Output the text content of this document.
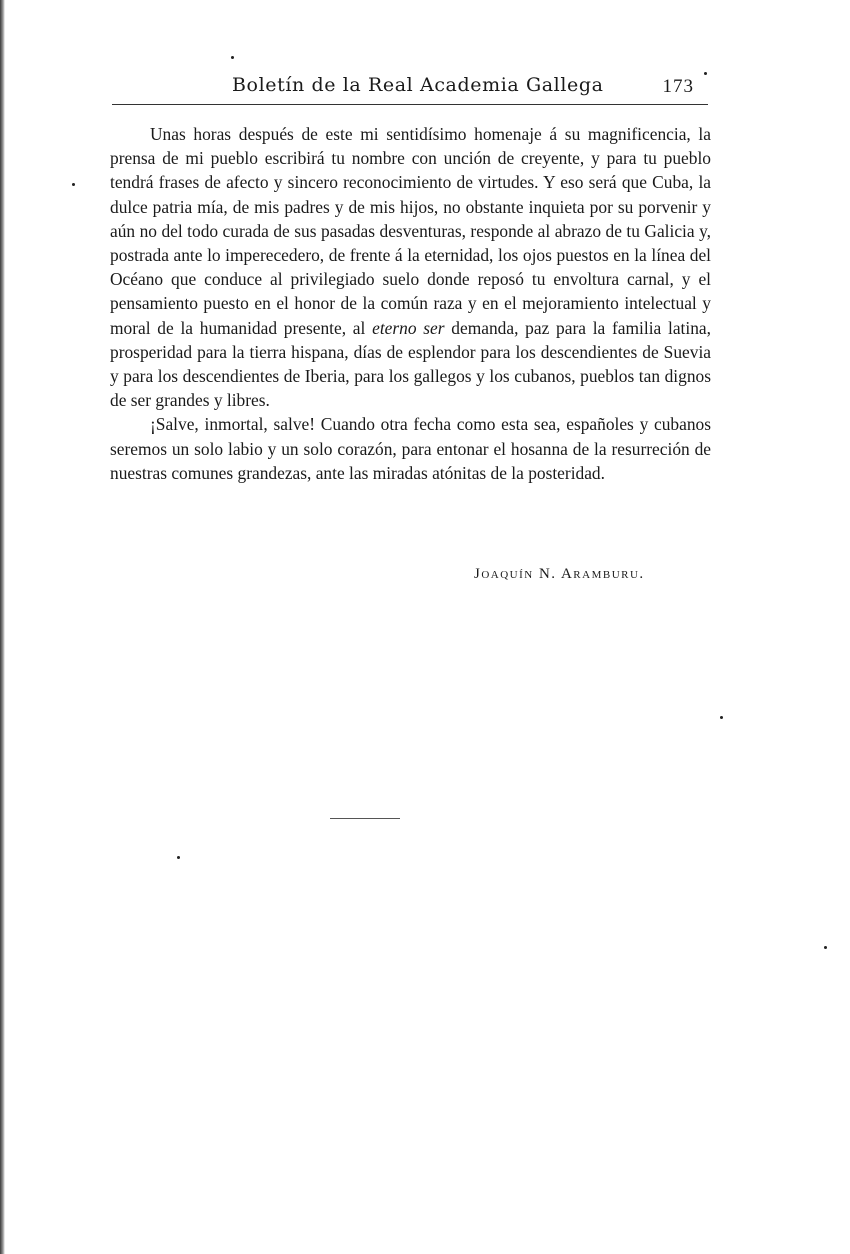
Boletín de la Real Academia Gallega	173

Unas horas después de este mi sentidísimo homenaje á su magnificencia, la prensa de mi pueblo escribirá tu nombre con unción de creyente, y para tu pueblo tendrá frases de afecto y sincero reconocimiento de virtudes. Y eso será que Cuba, la dulce patria mía, de mis padres y de mis hijos, no obstante inquieta por su porvenir y aún no del todo curada de sus pasadas desventuras, responde al abrazo de tu Galicia y, postrada ante lo imperecedero, de frente á la eternidad, los ojos puestos en la línea del Océano que conduce al privilegiado suelo donde reposó tu envoltura carnal, y el pensamiento puesto en el honor de la común raza y en el mejoramiento intelectual y moral de la humanidad presente, al eterno ser demanda, paz para la familia latina, prosperidad para la tierra hispana, días de esplendor para los descendientes de Suevia y para los descendientes de Iberia, para los gallegos y los cubanos, pueblos tan dignos de ser grandes y libres.

¡Salve, inmortal, salve! Cuando otra fecha como esta sea, españoles y cubanos seremos un solo labio y un solo corazón, para entonar el hosanna de la resurreción de nuestras comunes grandezas, ante las miradas atónitas de la posteridad.

Joaquín N. Aramburu.
